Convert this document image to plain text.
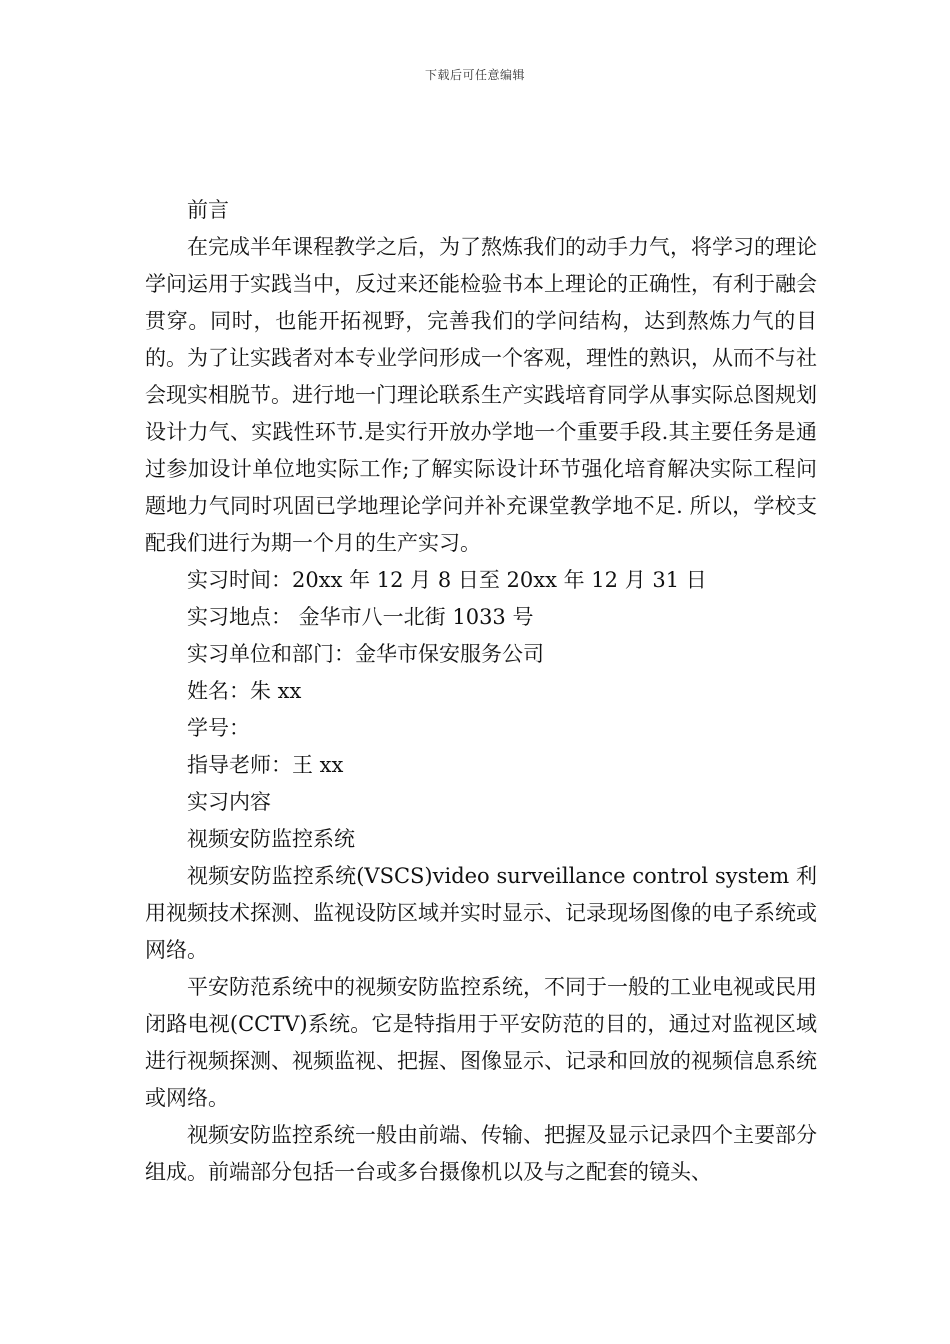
下载后可任意编辑

前言

在完成半年课程教学之后，为了熬炼我们的动手力气，将学习的理论学问运用于实践当中，反过来还能检验书本上理论的正确性，有利于融会贯穿。同时，也能开拓视野，完善我们的学问结构，达到熬炼力气的目的。为了让实践者对本专业学问形成一个客观，理性的熟识，从而不与社会现实相脱节。进行地一门理论联系生产实践培育同学从事实际总图规划设计力气、实践性环节.是实行开放办学地一个重要手段.其主要任务是通过参加设计单位地实际工作;了解实际设计环节强化培育解决实际工程问题地力气同时巩固已学地理论学问并补充课堂教学地不足. 所以，学校支配我们进行为期一个月的生产实习。

实习时间：20xx 年 12 月 8 日至 20xx 年 12 月 31 日

实习地点： 金华市八一北街 1033 号

实习单位和部门：金华市保安服务公司

姓名：朱 xx

学号：

指导老师：王 xx

实习内容

视频安防监控系统

视频安防监控系统(VSCS)video surveillance control system 利用视频技术探测、监视设防区域并实时显示、记录现场图像的电子系统或网络。

平安防范系统中的视频安防监控系统，不同于一般的工业电视或民用闭路电视(CCTV)系统。它是特指用于平安防范的目的，通过对监视区域进行视频探测、视频监视、把握、图像显示、记录和回放的视频信息系统或网络。

视频安防监控系统一般由前端、传输、把握及显示记录四个主要部分组成。前端部分包括一台或多台摄像机以及与之配套的镜头、
